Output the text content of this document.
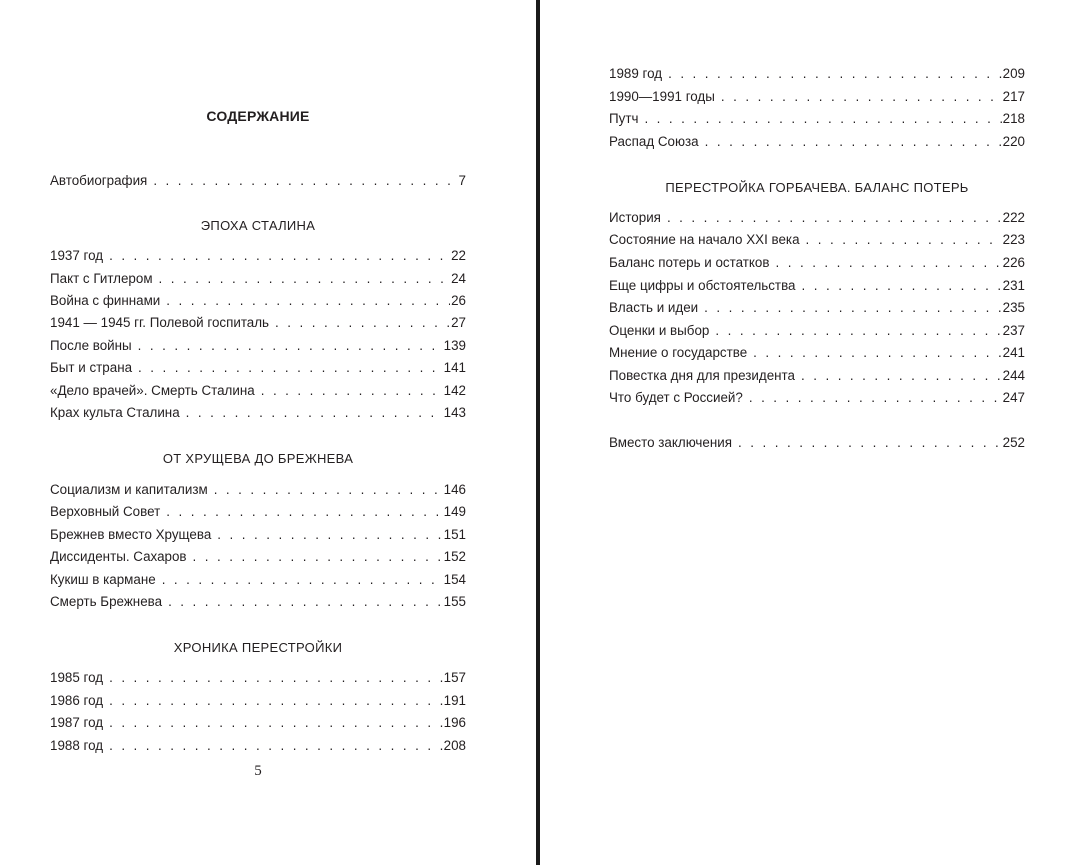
СОДЕРЖАНИЕ
Автобиография . . .	7
ЭПОХА СТАЛИНА
1937 год . . .	22
Пакт с Гитлером . . .	24
Война с финнами . . .	26
1941 — 1945 гг. Полевой госпиталь . . .	27
После войны . . .	139
Быт и страна . . .	141
«Дело врачей». Смерть Сталина . . .	142
Крах культа Сталина . . .	143
ОТ ХРУЩЕВА ДО БРЕЖНЕВА
Социализм и капитализм . . .	146
Верховный Совет . . .	149
Брежнев вместо Хрущева . . .	151
Диссиденты. Сахаров . . .	152
Кукиш в кармане . . .	154
Смерть Брежнева . . .	155
ХРОНИКА ПЕРЕСТРОЙКИ
1985 год . . .	157
1986 год . . .	191
1987 год . . .	196
1988 год . . .	208
5
1989 год . . .	209
1990—1991 годы . . .	217
Путч . . .	218
Распад Союза . . .	220
ПЕРЕСТРОЙКА ГОРБАЧЕВА. БАЛАНС ПОТЕРЬ
История . . .	222
Состояние на начало XXI века . . .	223
Баланс потерь и остатков . . .	226
Еще цифры и обстоятельства . . .	231
Власть и идеи . . .	235
Оценки и выбор . . .	237
Мнение о государстве . . .	241
Повестка дня для президента . . .	244
Что будет с Россией? . . .	247
Вместо заключения . . .	252
